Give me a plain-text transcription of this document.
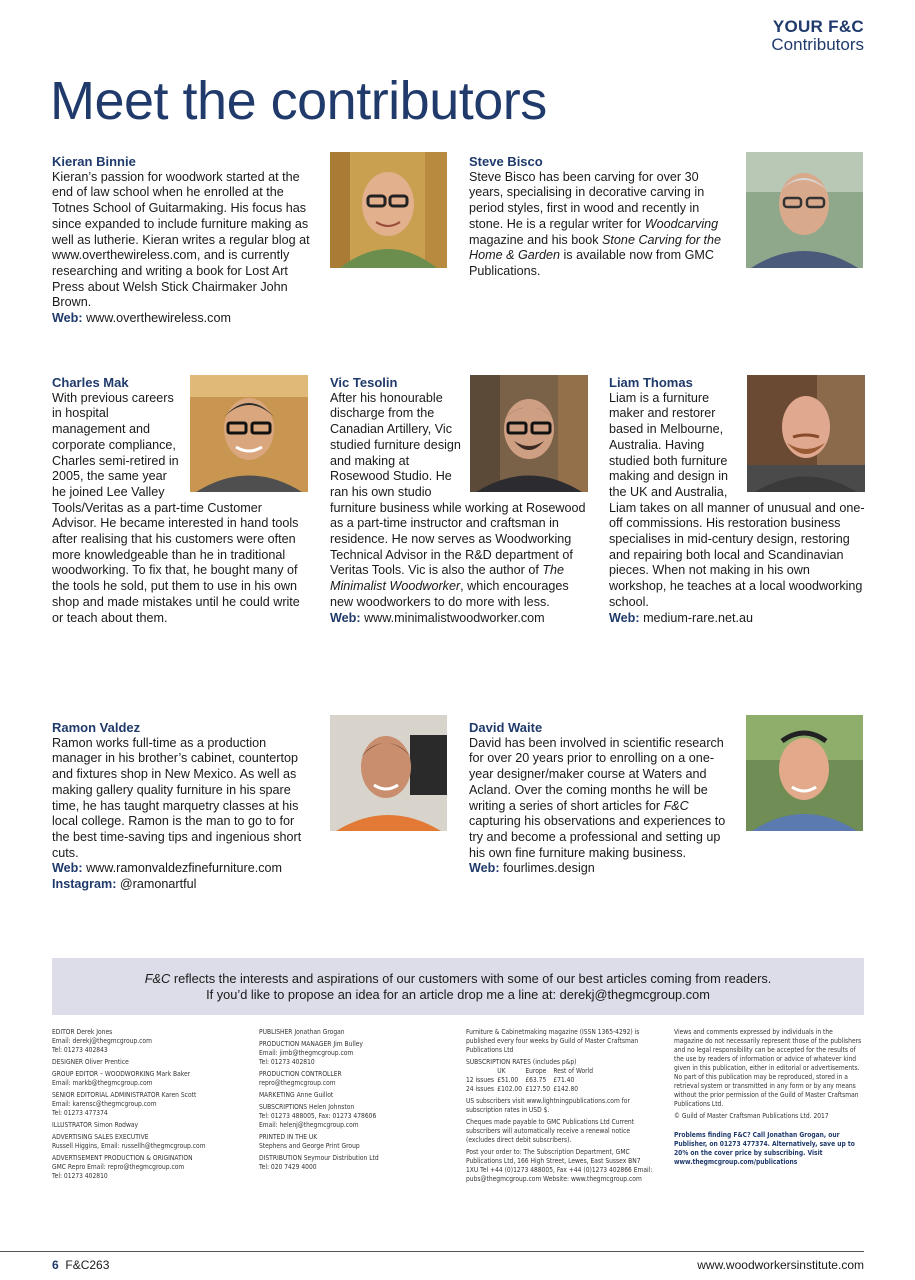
YOUR F&C
Contributors
Meet the contributors
Kieran Binnie

Kieran’s passion for woodwork started at the end of law school when he enrolled at the Totnes School of Guitarmaking. His focus has since expanded to include furniture making as well as lutherie. Kieran writes a regular blog at www.overthewireless.com, and is currently researching and writing a book for Lost Art Press about Welsh Stick Chairmaker John Brown.

Web: www.overthewireless.com

Steve Bisco

Steve Bisco has been carving for over 30 years, specialising in decorative carving in period styles, first in wood and recently in stone. He is a regular writer for Woodcarving magazine and his book Stone Carving for the Home & Garden is available now from GMC Publications.

Charles Mak

With previous careers in hospital management and corporate compliance, Charles semi-retired in 2005, the same year he joined Lee Valley Tools/Veritas as a part-time Customer Advisor. He became interested in hand tools after realising that his customers were often more knowledgeable than he in traditional woodworking. To fix that, he bought many of the tools he sold, put them to use in his own shop and made mistakes until he could write or teach about them.

Vic Tesolin

After his honourable discharge from the Canadian Artillery, Vic studied furniture design and making at Rosewood Studio. He ran his own studio furniture business while working at Rosewood as a part-time instructor and craftsman in residence. He now serves as Woodworking Technical Advisor in the R&D department of Veritas Tools. Vic is also the author of The Minimalist Woodworker, which encourages new woodworkers to do more with less.

Web: www.minimalistwoodworker.com

Liam Thomas

Liam is a furniture maker and restorer based in Melbourne, Australia. Having studied both furniture making and design in the UK and Australia, Liam takes on all manner of unusual and one-off commissions. His restoration business specialises in mid-century design, restoring and repairing both local and Scandinavian pieces. When not making in his own workshop, he teaches at a local woodworking school.

Web: medium-rare.net.au

Ramon Valdez

Ramon works full-time as a production manager in his brother’s cabinet, countertop and fixtures shop in New Mexico. As well as making gallery quality furniture in his spare time, he has taught marquetry classes at his local college. Ramon is the man to go to for the best time-saving tips and ingenious short cuts.

Web: www.ramonvaldezfinefurniture.com

Instagram: @ramonartful

David Waite

David has been involved in scientific research for over 20 years prior to enrolling on a one-year designer/maker course at Waters and Acland. Over the coming months he will be writing a series of short articles for F&C capturing his observations and experiences to try and become a professional and setting up his own fine furniture making business.

Web: fourlimes.design

F&C reflects the interests and aspirations of our customers with some of our best articles coming from readers.
If you’d like to propose an idea for an article drop me a line at: derekj@thegmcgroup.com
EDITOR Derek Jones
Email: derekj@thegmcgroup.com
Tel: 01273 402843
DESIGNER Oliver Prentice
GROUP EDITOR – WOODWORKING Mark Baker
Email: markb@thegmcgroup.com
SENIOR EDITORIAL ADMINISTRATOR Karen Scott
Email: karensc@thegmcgroup.com
Tel: 01273 477374
ILLUSTRATOR Simon Rodway
ADVERTISING SALES EXECUTIVE
Russell Higgins, Email: russellh@thegmcgroup.com
ADVERTISEMENT PRODUCTION & ORIGINATION
GMC Repro Email: repro@thegmcgroup.com
Tel: 01273 402810
PUBLISHER Jonathan Grogan
PRODUCTION MANAGER Jim Bulley
Email: jimb@thegmcgroup.com
Tel: 01273 402810
PRODUCTION CONTROLLER
repro@thegmcgroup.com
MARKETING Anne Guillot
SUBSCRIPTIONS Helen Johnston
Tel: 01273 488005, Fax: 01273 478606
Email: helenj@thegmcgroup.com
PRINTED IN THE UK
Stephens and George Print Group
DISTRIBUTION Seymour Distribution Ltd
Tel: 020 7429 4000
Furniture & Cabinetmaking magazine (ISSN 1365-4292) is published every four weeks by Guild of Master Craftsman Publications Ltd
SUBSCRIPTION RATES (includes p&p)
	UK	Europe	Rest of World
12 issues	£51.00	£63.75	£71.40
24 issues	£102.00	£127.50	£142.80
US subscribers visit www.lightningpublications.com for subscription rates in USD $.
Cheques made payable to GMC Publications Ltd Current subscribers will automatically receive a renewal notice (excludes direct debit subscribers).
Post your order to: The Subscription Department, GMC Publications Ltd, 166 High Street, Lewes, East Sussex BN7 1XU Tel +44 (0)1273 488005, Fax +44 (0)1273 402866 Email: pubs@thegmcgroup.com Website: www.thegmcgroup.com
Views and comments expressed by individuals in the magazine do not necessarily represent those of the publishers and no legal responsibility can be accepted for the results of the use by readers of information or advice of whatever kind given in this publication, either in editorial or advertisements. No part of this publication may be reproduced, stored in a retrieval system or transmitted in any form or by any means without the prior permission of the Guild of Master Craftsman Publications Ltd.
© Guild of Master Craftsman Publications Ltd. 2017
Problems finding F&C? Call Jonathan Grogan, our Publisher, on 01273 477374. Alternatively, save up to 20% on the cover price by subscribing. Visit www.thegmcgroup.com/publications
6 F&C263	www.woodworkersinstitute.com
